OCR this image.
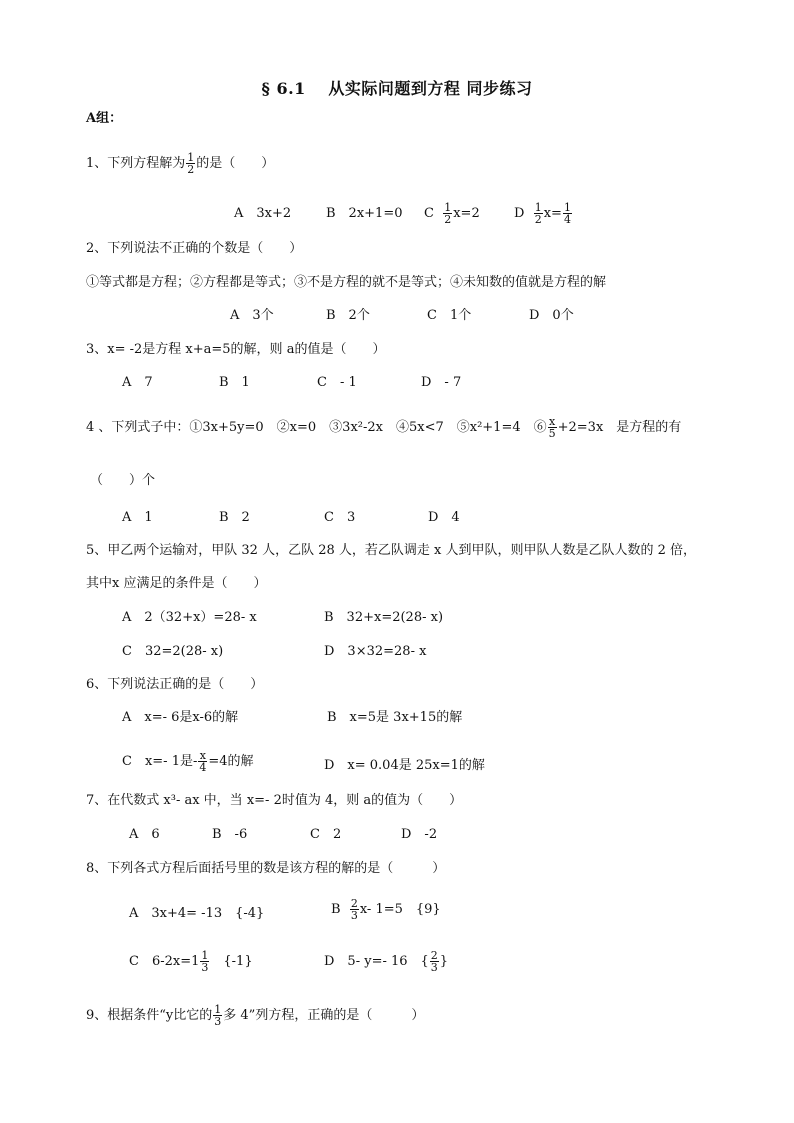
§ 6.1　 从实际问题到方程 同步练习
A组：
1、下列方程解为 $\frac{1}{2}$ 的是（　　）
A　3x+2	B　2x+1=0 C $\frac{1}{2} x=2$	D $\frac{1}{2} x= \frac{1}{4}$
2、下列说法不正确的个数是（　　）
①等式都是方程；②方程都是等式；③不是方程的就不是等式；④未知数的值就是方程的解
A　3个	B　2个	C　1个	D　0个
3、x= -2是方程 x+a=5的解，则 a的值是（　　）
A　7	B　1	C　- 1	D　- 7
4 、下列式子中：①3x+5y=0　②x=0　③3x²-2x　④5x<7　⑤x²+1=4　⑥ $\frac{x}{5} +2=3x$　是方程的有
（　　）个
A　1	B　2	C　3	D　4
5、甲乙两个运输对，甲队 32 人，乙队 28 人，若乙队调走 x 人到甲队，则甲队人数是乙队人数的 2 倍，
其中x 应满足的条件是（　　）
A　2（32+x）=28- x	B　32+x=2(28- x)
C　32=2(28- x)	D　3×32=28- x
6、下列说法正确的是（　　）
A　x=- 6是x-6的解	B　x=5是 3x+15的解
C　x=- 1是- $\frac{x}{4} =4$的解	D　x= 0.04是 25x=1的解
7、在代数式 x³- ax 中，当 x=- 2时值为 4，则 a的值为（　　）
A　6	B　-6	C　2	D　-2
8、下列各式方程后面括号里的数是该方程的解的是（　　　）
A　3x+4= -13　{-4}	B $\frac{2}{3} x-$ 1=5　{9}
C　$6-2x=1 \frac{1}{3}$ 　{-1}	D　5- y=- 16　{ $\frac{2}{3}$ }
9、根据条件“y比它的 $\frac{1}{3}$ 多 4”列方程，正确的是（　　　）
